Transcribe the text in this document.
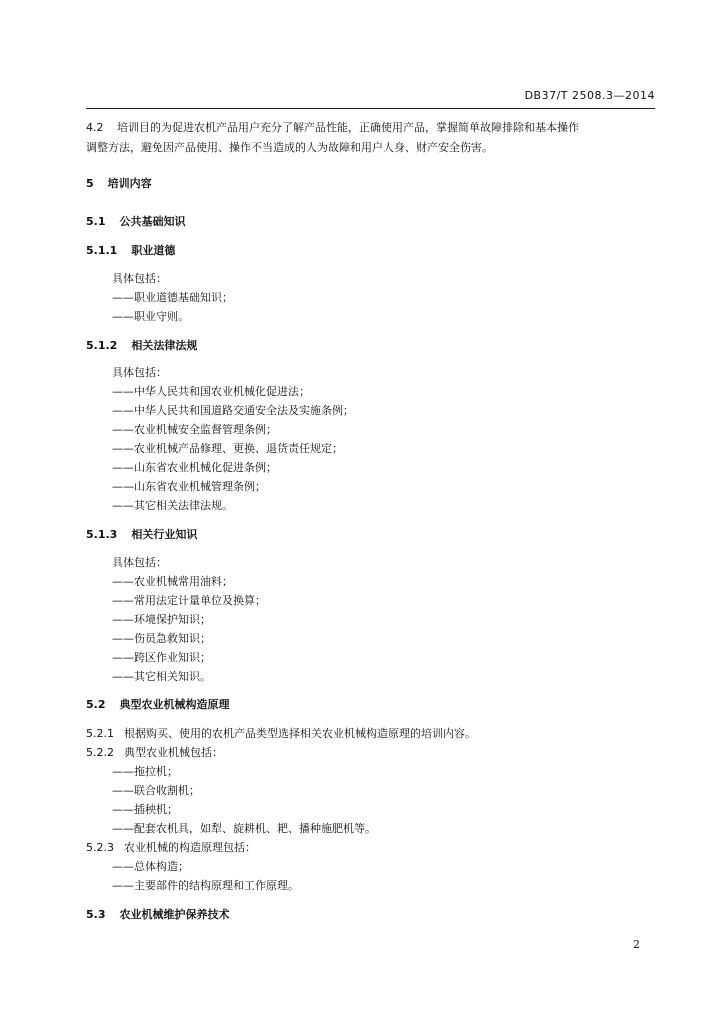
DB37/T 2508.3—2014
4.2 培训目的为促进农机产品用户充分了解产品性能，正确使用产品，掌握简单故障排除和基本操作
调整方法，避免因产品使用、操作不当造成的人为故障和用户人身、财产安全伤害。
5 培训内容
5.1 公共基础知识
5.1.1 职业道德
具体包括：
——职业道德基础知识；
——职业守则。
5.1.2 相关法律法规
具体包括：
——中华人民共和国农业机械化促进法；
——中华人民共和国道路交通安全法及实施条例；
——农业机械安全监督管理条例；
——农业机械产品修理、更换、退货责任规定；
——山东省农业机械化促进条例；
——山东省农业机械管理条例；
——其它相关法律法规。
5.1.3 相关行业知识
具体包括：
——农业机械常用油料；
——常用法定计量单位及换算；
——环境保护知识；
——伤员急救知识；
——跨区作业知识；
——其它相关知识。
5.2 典型农业机械构造原理
5.2.1 根据购买、使用的农机产品类型选择相关农业机械构造原理的培训内容。
5.2.2 典型农业机械包括：
——拖拉机；
——联合收割机；
——插秧机；
——配套农机具，如犁、旋耕机、耙、播种施肥机等。
5.2.3 农业机械的构造原理包括：
——总体构造；
——主要部件的结构原理和工作原理。
5.3 农业机械维护保养技术
2
